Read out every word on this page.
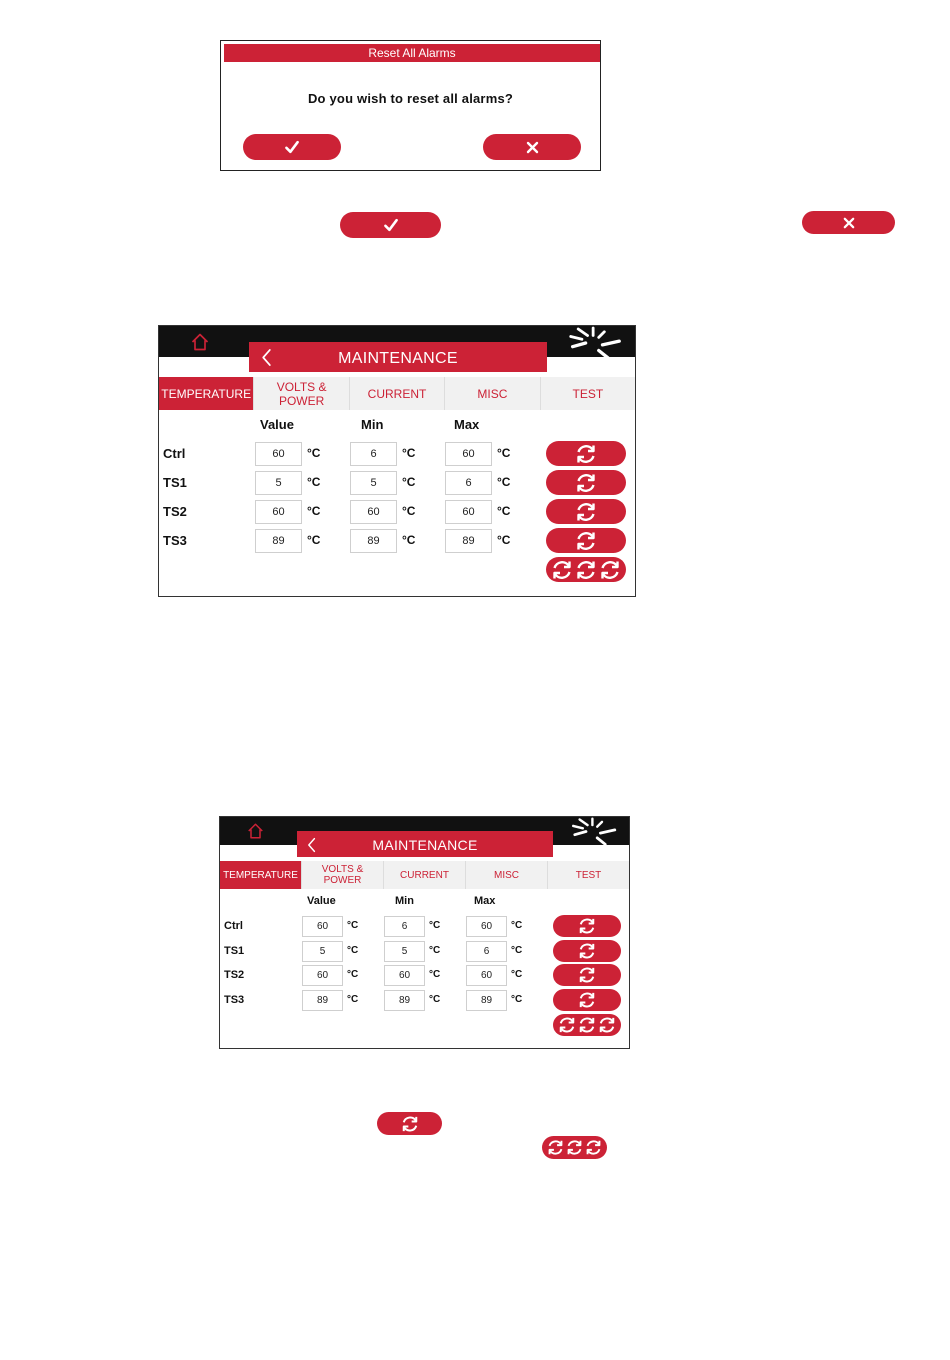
Reset All Alarms
Do you wish to reset all alarms?
MAINTENANCE
TEMPERATURE	VOLTS & POWER	CURRENT	MISC	TEST
Value	Min	Max
Ctrl	60	°C	6	°C	60	°C
TS1	5	°C	5	°C	6	°C
TS2	60	°C	60	°C	60	°C
TS3	89	°C	89	°C	89	°C
MAINTENANCE
TEMPERATURE	VOLTS & POWER	CURRENT	MISC	TEST
Value	Min	Max
Ctrl	60	°C	6	°C	60	°C
TS1	5	°C	5	°C	6	°C
TS2	60	°C	60	°C	60	°C
TS3	89	°C	89	°C	89	°C
